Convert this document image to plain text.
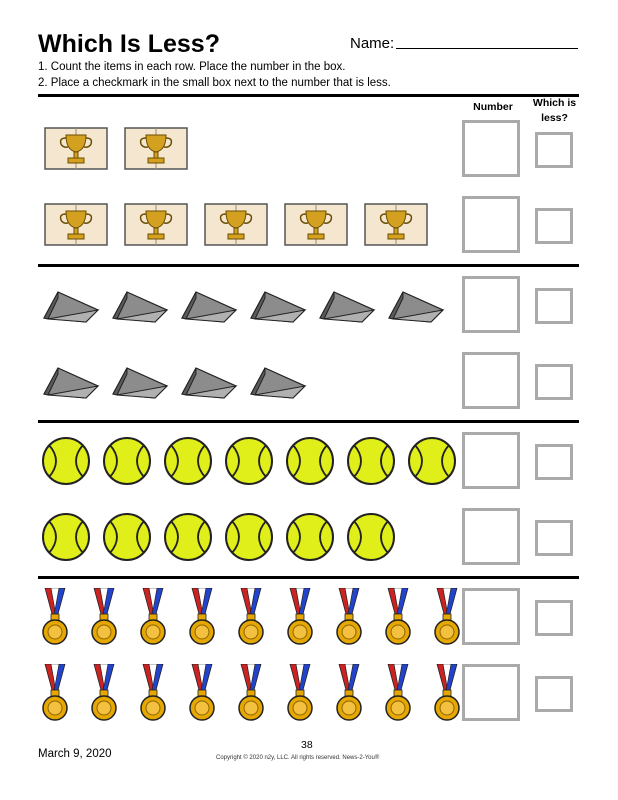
Which Is Less?	Name:
1. Count the items in each row. Place the number in the box.
2. Place a checkmark in the small box next to the number that is less.
Number	Which is
less?
March 9, 2020
38
Copyright © 2020 n2y, LLC. All rights reserved. News-2-You®
